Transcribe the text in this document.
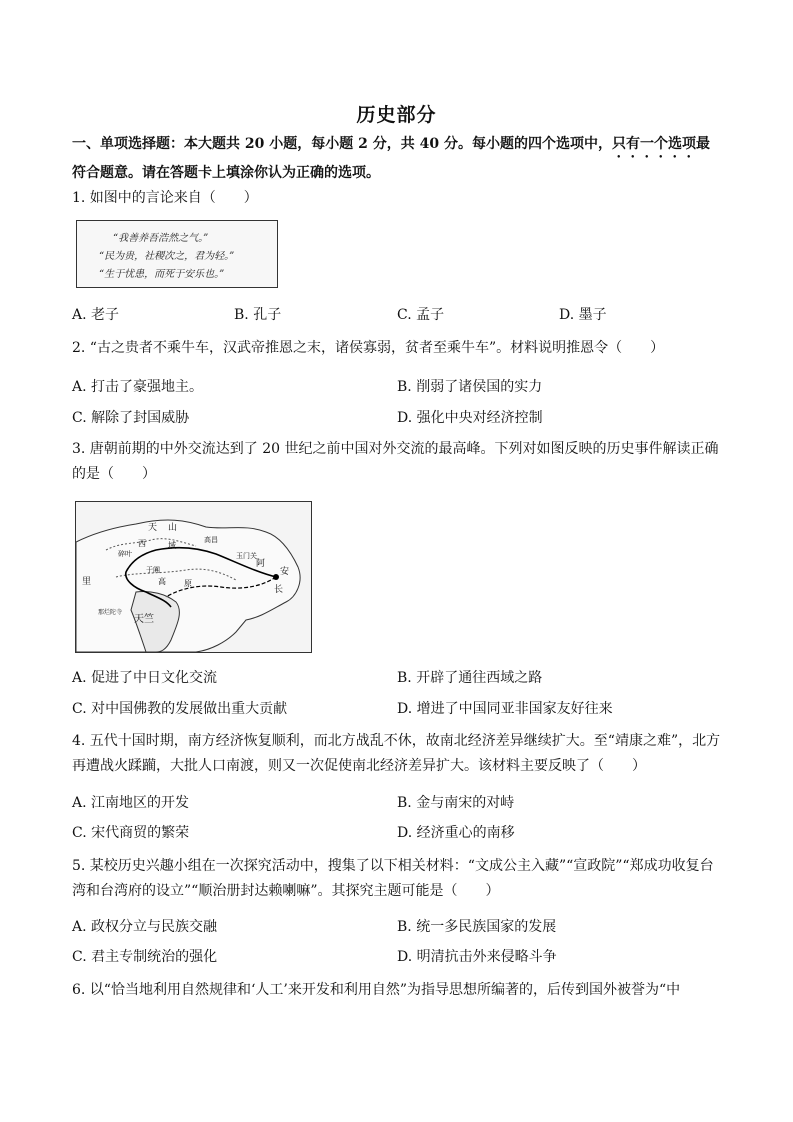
历史部分
一、单项选择题：本大题共 20 小题，每小题 2 分，共 40 分。每小题的四个选项中，只有一个选项最符合题意。请在答题卡上填涂你认为正确的选项。
1. 如图中的言论来自（　　）
“我善养吾浩然之气。”
“民为贵，社稷次之，君为轻。”
“生于忧患，而死于安乐也。”
A. 老子	B. 孔子	C. 孟子	D. 墨子
2. “古之贵者不乘牛车，汉武帝推恩之末，诸侯寡弱，贫者至乘牛车”。材料说明推恩令（　　）
A. 打击了豪强地主。	B. 削弱了诸侯国的实力
C. 解除了封国威胁	D. 强化中央对经济控制
3. 唐朝前期的中外交流达到了 20 世纪之前中国对外交流的最高峰。下列对如图反映的历史事件解读正确的是（　　）
天 山
西	域
高昌
碎叶	玉门关
阿
安
长
于阗
高 原
里
天竺
那烂陀寺
A. 促进了中日文化交流	B. 开辟了通往西域之路
C. 对中国佛教的发展做出重大贡献	D. 增进了中国同亚非国家友好往来
4. 五代十国时期，南方经济恢复顺利，而北方战乱不休，故南北经济差异继续扩大。至“靖康之难”，北方再遭战火蹂躏，大批人口南渡，则又一次促使南北经济差异扩大。该材料主要反映了（　　）
A. 江南地区的开发	B. 金与南宋的对峙
C. 宋代商贸的繁荣	D. 经济重心的南移
5. 某校历史兴趣小组在一次探究活动中，搜集了以下相关材料：“文成公主入藏”“宣政院”“郑成功收复台湾和台湾府的设立”“顺治册封达赖喇嘛”。其探究主题可能是（　　）
A. 政权分立与民族交融	B. 统一多民族国家的发展
C. 君主专制统治的强化	D. 明清抗击外来侵略斗争
6. 以“恰当地利用自然规律和‘人工’来开发和利用自然”为指导思想所编著的，后传到国外被誉为“中
